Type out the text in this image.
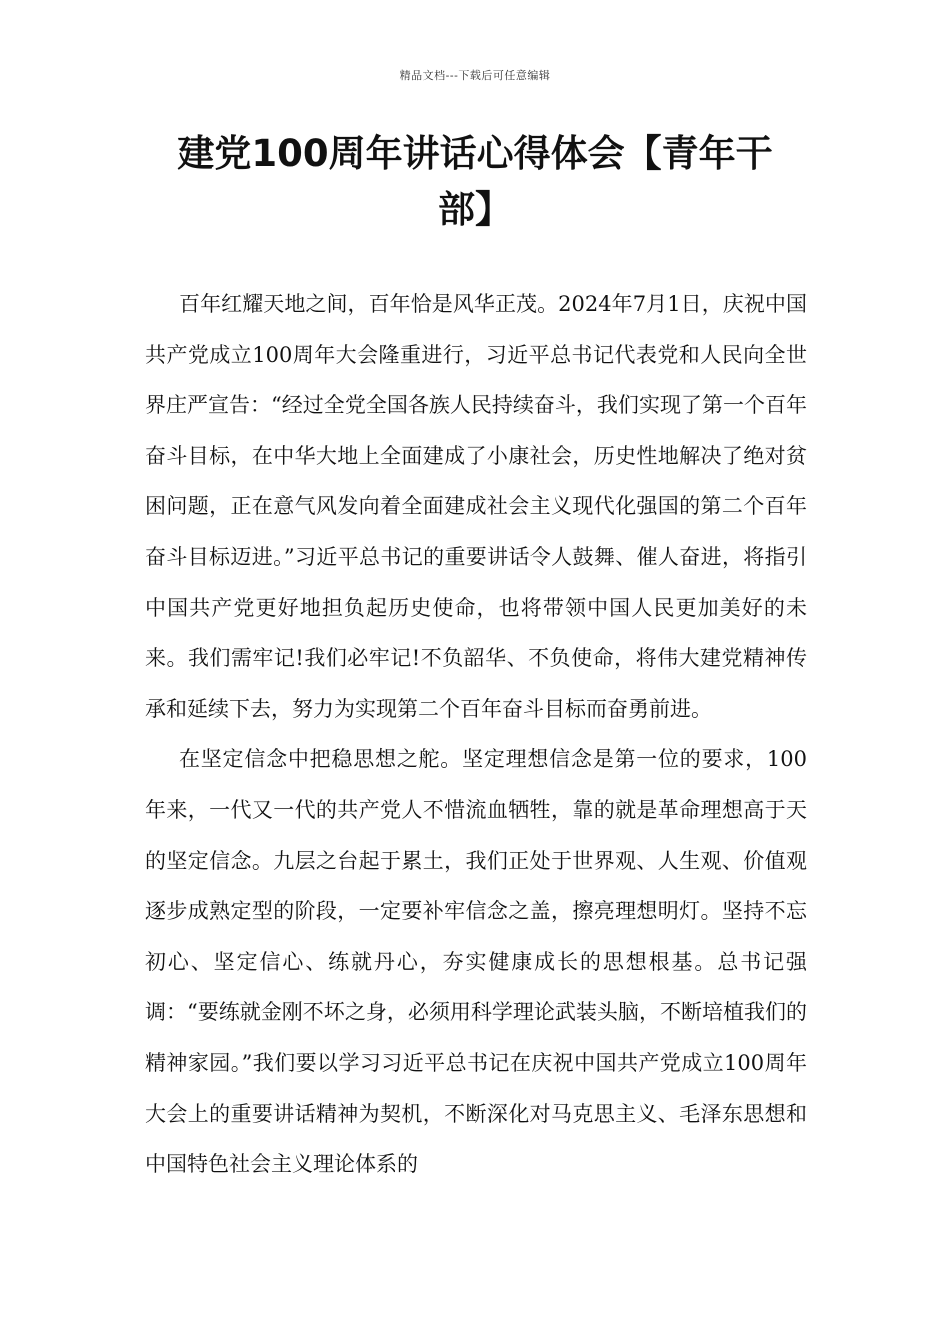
精品文档---下载后可任意编辑
建党100周年讲话心得体会【青年干部】

百年红耀天地之间，百年恰是风华正茂。2024年7月1日，庆祝中国共产党成立100周年大会隆重进行，习近平总书记代表党和人民向全世界庄严宣告：“经过全党全国各族人民持续奋斗，我们实现了第一个百年奋斗目标，在中华大地上全面建成了小康社会，历史性地解决了绝对贫困问题，正在意气风发向着全面建成社会主义现代化强国的第二个百年奋斗目标迈进。”习近平总书记的重要讲话令人鼓舞、催人奋进，将指引中国共产党更好地担负起历史使命，也将带领中国人民更加美好的未来。我们需牢记!我们必牢记!不负韶华、不负使命，将伟大建党精神传承和延续下去，努力为实现第二个百年奋斗目标而奋勇前进。

在坚定信念中把稳思想之舵。坚定理想信念是第一位的要求，100年来，一代又一代的共产党人不惜流血牺牲，靠的就是革命理想高于天的坚定信念。九层之台起于累土，我们正处于世界观、人生观、价值观逐步成熟定型的阶段，一定要补牢信念之盖，擦亮理想明灯。坚持不忘初心、坚定信心、练就丹心，夯实健康成长的思想根基。总书记强调：“要练就金刚不坏之身，必须用科学理论武装头脑，不断培植我们的精神家园。”我们要以学习习近平总书记在庆祝中国共产党成立100周年大会上的重要讲话精神为契机，不断深化对马克思主义、毛泽东思想和中国特色社会主义理论体系的
